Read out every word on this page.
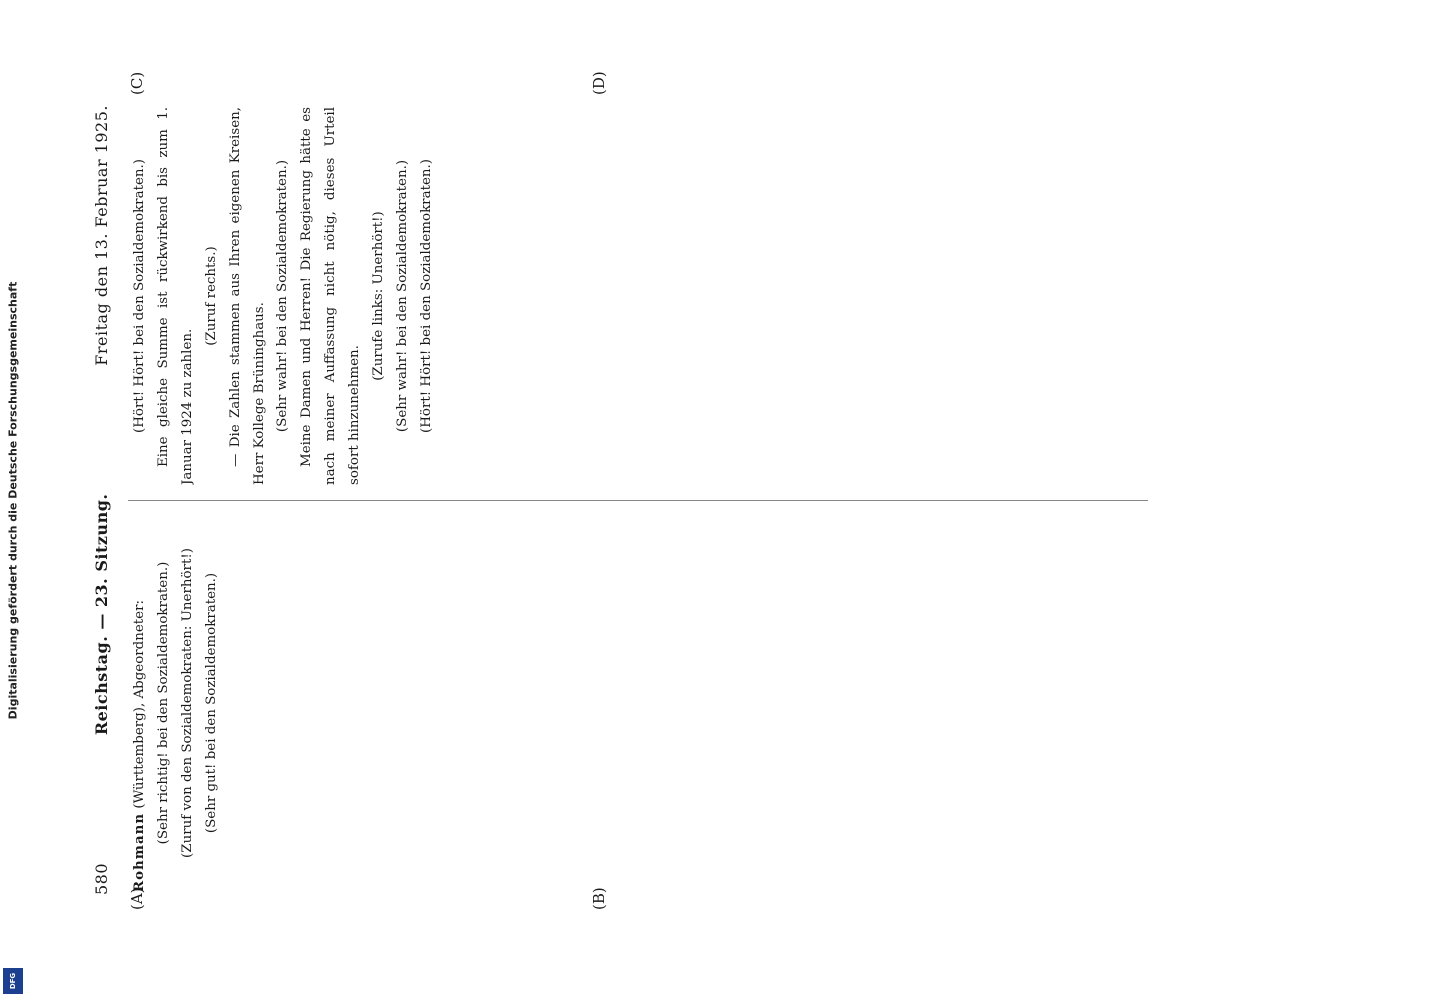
Digitalisierung gefördert durch die Deutsche Forschungsgemeinschaft
DFG
580
Reichstag. — 23. Sitzung.
Freitag den 13. Februar 1925.
(A)	(B)
(C)	(D)

Rohmann (Württemberg), Abgeordneter: (Sehr richtig! bei den Sozialdemokraten.) (Zuruf von den Sozialdemokraten: Unerhört!) (Sehr gut! bei den Sozialdemokraten.)

(Hört! Hört! bei den Sozialdemokraten.) Eine gleiche Summe ist rückwirkend bis zum 1. Januar 1924 zu zahlen.

(Zuruf rechts.) — Die Zahlen stammen aus Ihren eigenen Kreisen, Herr Kollege Brüninghaus. (Sehr wahr! bei den Sozialdemokraten.) Meine Damen und Herren! Die Regierung hätte es nach meiner Auffassung nicht nötig, dieses Urteil sofort hinzunehmen.

(Zurufe links: Unerhört!) (Sehr wahr! bei den Sozialdemokraten.) (Hört! Hört! bei den Sozialdemokraten.)
